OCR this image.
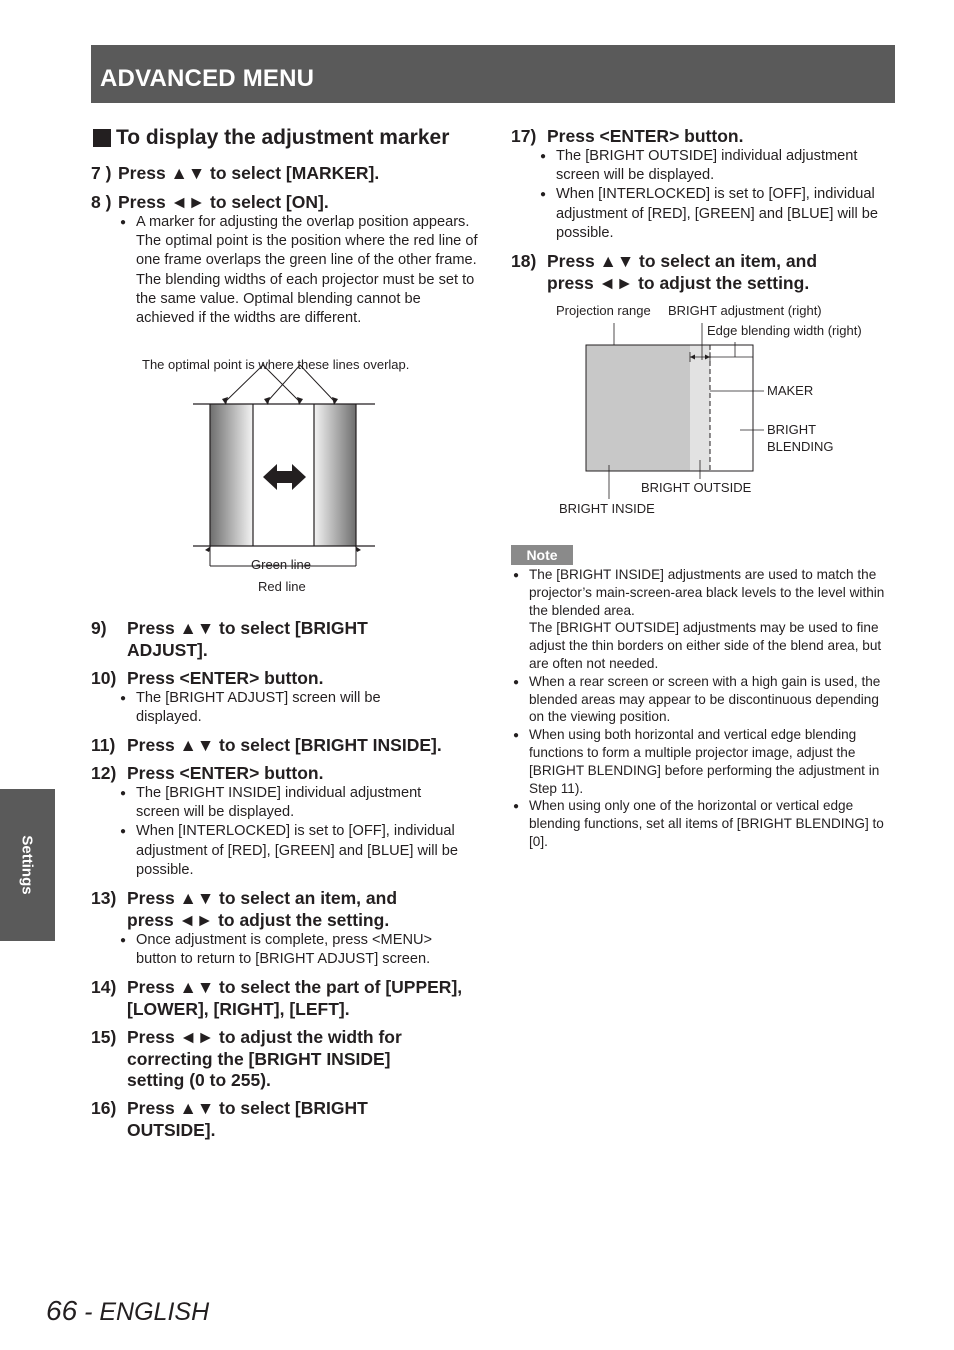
ADVANCED MENU
To display the adjustment marker
7 ) Press ▲▼ to select [MARKER].
8 ) Press ◄► to select [ON].
● A marker for adjusting the overlap position appears. The optimal point is the position where the red line of one frame overlaps the green line of the other frame.
The blending widths of each projector must be set to the same value. Optimal blending cannot be achieved if the widths are different.
The optimal point is where these lines overlap.
Green line
Red line
9) Press ▲▼ to select [BRIGHT ADJUST].
10) Press <ENTER> button.
● The [BRIGHT ADJUST] screen will be displayed.
11) Press ▲▼ to select [BRIGHT INSIDE].
12) Press <ENTER> button.
● The [BRIGHT INSIDE] individual adjustment screen will be displayed.
● When [INTERLOCKED] is set to [OFF], individual adjustment of [RED], [GREEN] and [BLUE] will be possible.
13) Press ▲▼ to select an item, and press ◄► to adjust the setting.
● Once adjustment is complete, press <MENU> button to return to [BRIGHT ADJUST] screen.
14) Press ▲▼ to select the part of [UPPER], [LOWER], [RIGHT], [LEFT].
15) Press ◄► to adjust the width for correcting the [BRIGHT INSIDE] setting (0 to 255).
16) Press ▲▼ to select [BRIGHT OUTSIDE].
17) Press <ENTER> button.
● The [BRIGHT OUTSIDE] individual adjustment screen will be displayed.
● When [INTERLOCKED] is set to [OFF], individual adjustment of [RED], [GREEN] and [BLUE] will be possible.
18) Press ▲▼ to select an item, and press ◄► to adjust the setting.
Projection range BRIGHT adjustment (right)
Edge blending width (right)
MAKER
BRIGHT
BLENDING
BRIGHT OUTSIDE
BRIGHT INSIDE
Note
● The [BRIGHT INSIDE] adjustments are used to match the projector’s main-screen-area black levels to the level within the blended area.
The [BRIGHT OUTSIDE] adjustments may be used to fine adjust the thin borders on either side of the blend area, but are often not needed.
● When a rear screen or screen with a high gain is used, the blended areas may appear to be discontinuous depending on the viewing position.
● When using both horizontal and vertical edge blending functions to form a multiple projector image, adjust the [BRIGHT BLENDING] before performing the adjustment in Step 11).
● When using only one of the horizontal or vertical edge blending functions, set all items of [BRIGHT BLENDING] to [0].
Settings
66 - ENGLISH
